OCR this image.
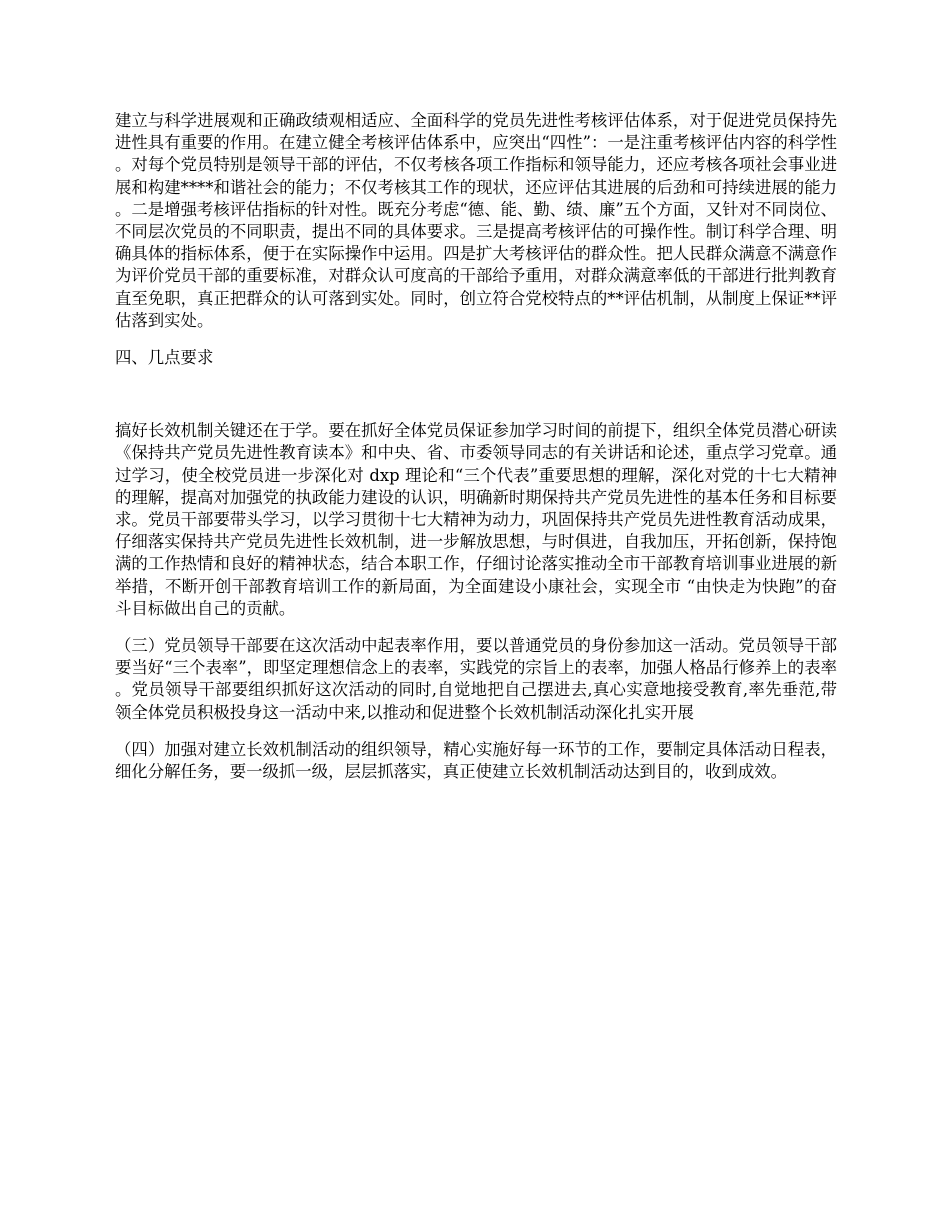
建立与科学进展观和正确政绩观相适应、全面科学的党员先进性考核评估体系，对于促进党员保持先进性具有重要的作用。在建立健全考核评估体系中，应突出“四性”：一是注重考核评估内容的科学性。对每个党员特别是领导干部的评估，不仅考核各项工作指标和领导能力，还应考核各项社会事业进展和构建****和谐社会的能力；不仅考核其工作的现状，还应评估其进展的后劲和可持续进展的能力。二是增强考核评估指标的针对性。既充分考虑“德、能、勤、绩、廉”五个方面，又针对不同岗位、不同层次党员的不同职责，提出不同的具体要求。三是提高考核评估的可操作性。制订科学合理、明确具体的指标体系，便于在实际操作中运用。四是扩大考核评估的群众性。把人民群众满意不满意作为评价党员干部的重要标准，对群众认可度高的干部给予重用，对群众满意率低的干部进行批判教育直至免职，真正把群众的认可落到实处。同时，创立符合党校特点的**评估机制，从制度上保证**评估落到实处。

四、几点要求

搞好长效机制关键还在于学。要在抓好全体党员保证参加学习时间的前提下，组织全体党员潜心研读《保持共产党员先进性教育读本》和中央、省、市委领导同志的有关讲话和论述，重点学习党章。通过学习，使全校党员进一步深化对 dxp 理论和“三个代表”重要思想的理解，深化对党的十七大精神的理解，提高对加强党的执政能力建设的认识，明确新时期保持共产党员先进性的基本任务和目标要求。党员干部要带头学习，以学习贯彻十七大精神为动力，巩固保持共产党员先进性教育活动成果，仔细落实保持共产党员先进性长效机制，进一步解放思想，与时俱进，自我加压，开拓创新，保持饱满的工作热情和良好的精神状态，结合本职工作，仔细讨论落实推动全市干部教育培训事业进展的新举措，不断开创干部教育培训工作的新局面，为全面建设小康社会，实现全市 “由快走为快跑”的奋斗目标做出自己的贡献。

（三）党员领导干部要在这次活动中起表率作用，要以普通党员的身份参加这一活动。党员领导干部要当好“三个表率”，即坚定理想信念上的表率，实践党的宗旨上的表率，加强人格品行修养上的表率。党员领导干部要组织抓好这次活动的同时,自觉地把自己摆进去,真心实意地接受教育,率先垂范,带领全体党员积极投身这一活动中来,以推动和促进整个长效机制活动深化扎实开展

（四）加强对建立长效机制活动的组织领导，精心实施好每一环节的工作，要制定具体活动日程表，细化分解任务，要一级抓一级，层层抓落实，真正使建立长效机制活动达到目的，收到成效。
